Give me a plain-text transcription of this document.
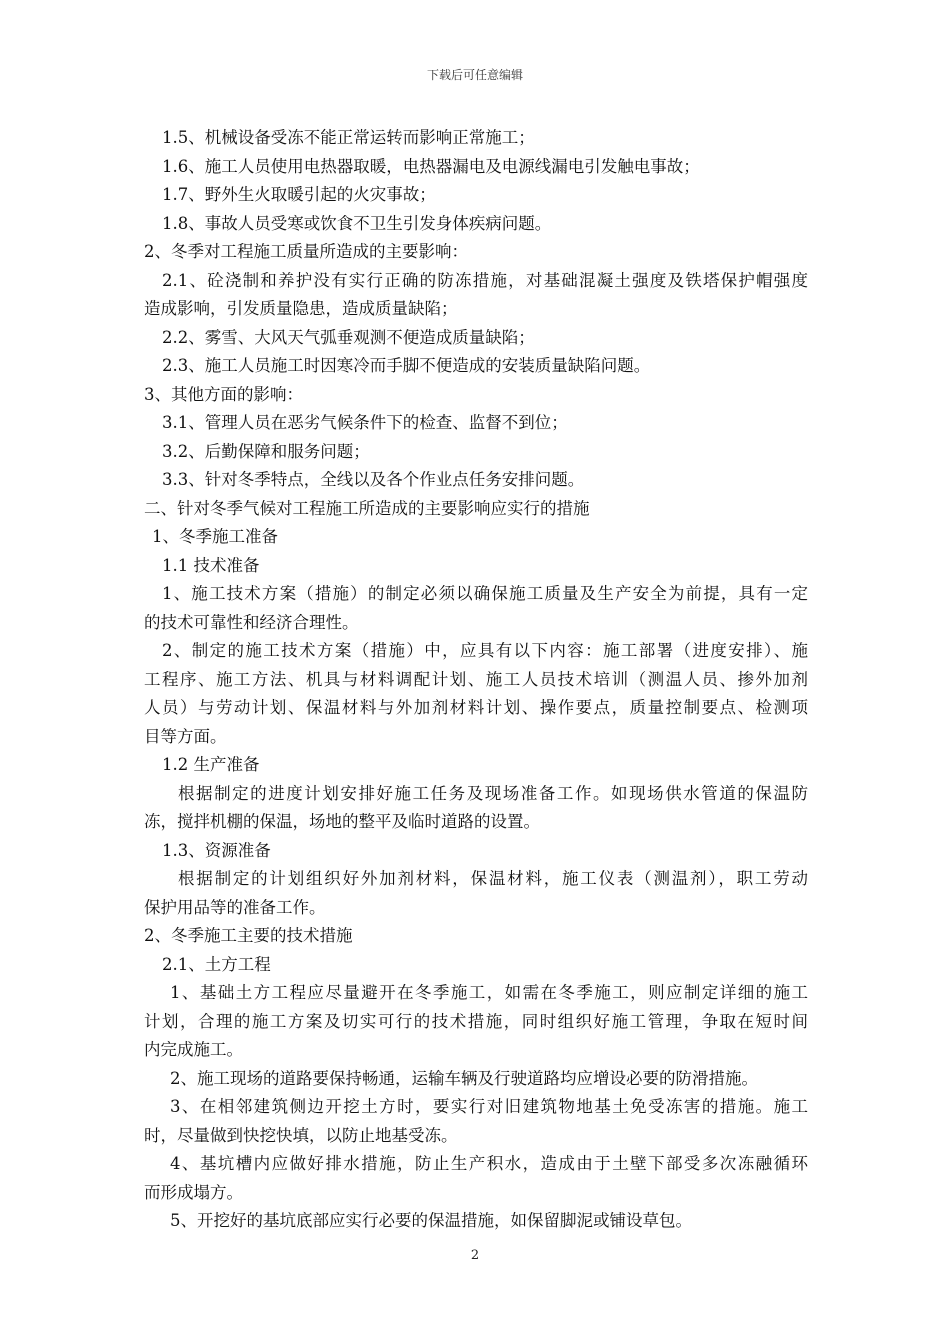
下载后可任意编辑
1.5、机械设备受冻不能正常运转而影响正常施工；
1.6、施工人员使用电热器取暖，电热器漏电及电源线漏电引发触电事故；
1.7、野外生火取暖引起的火灾事故；
1.8、事故人员受寒或饮食不卫生引发身体疾病问题。
2、冬季对工程施工质量所造成的主要影响：
2.1、砼浇制和养护没有实行正确的防冻措施，对基础混凝土强度及铁塔保护帽强度
造成影响，引发质量隐患，造成质量缺陷；
2.2、雾雪、大风天气弧垂观测不便造成质量缺陷；
2.3、施工人员施工时因寒冷而手脚不便造成的安装质量缺陷问题。
3、其他方面的影响：
3.1、管理人员在恶劣气候条件下的检查、监督不到位；
3.2、后勤保障和服务问题；
3.3、针对冬季特点，全线以及各个作业点任务安排问题。
二、针对冬季气候对工程施工所造成的主要影响应实行的措施
1、冬季施工准备
1.1 技术准备
1、施工技术方案（措施）的制定必须以确保施工质量及生产安全为前提，具有一定
的技术可靠性和经济合理性。
2、制定的施工技术方案（措施）中，应具有以下内容：施工部署（进度安排）、施
工程序、施工方法、机具与材料调配计划、施工人员技术培训（测温人员、掺外加剂
人员）与劳动计划、保温材料与外加剂材料计划、操作要点，质量控制要点、检测项
目等方面。
1.2 生产准备
根据制定的进度计划安排好施工任务及现场准备工作。如现场供水管道的保温防
冻，搅拌机棚的保温，场地的整平及临时道路的设置。
1.3、资源准备
根据制定的计划组织好外加剂材料，保温材料，施工仪表（测温剂），职工劳动
保护用品等的准备工作。
2、冬季施工主要的技术措施
2.1、土方工程
1、基础土方工程应尽量避开在冬季施工，如需在冬季施工，则应制定详细的施工
计划，合理的施工方案及切实可行的技术措施，同时组织好施工管理，争取在短时间
内完成施工。
2、施工现场的道路要保持畅通，运输车辆及行驶道路均应增设必要的防滑措施。
3、在相邻建筑侧边开挖土方时，要实行对旧建筑物地基土免受冻害的措施。施工
时，尽量做到快挖快填，以防止地基受冻。
4、基坑槽内应做好排水措施，防止生产积水，造成由于土壁下部受多次冻融循环
而形成塌方。
5、开挖好的基坑底部应实行必要的保温措施，如保留脚泥或铺设草包。
2
